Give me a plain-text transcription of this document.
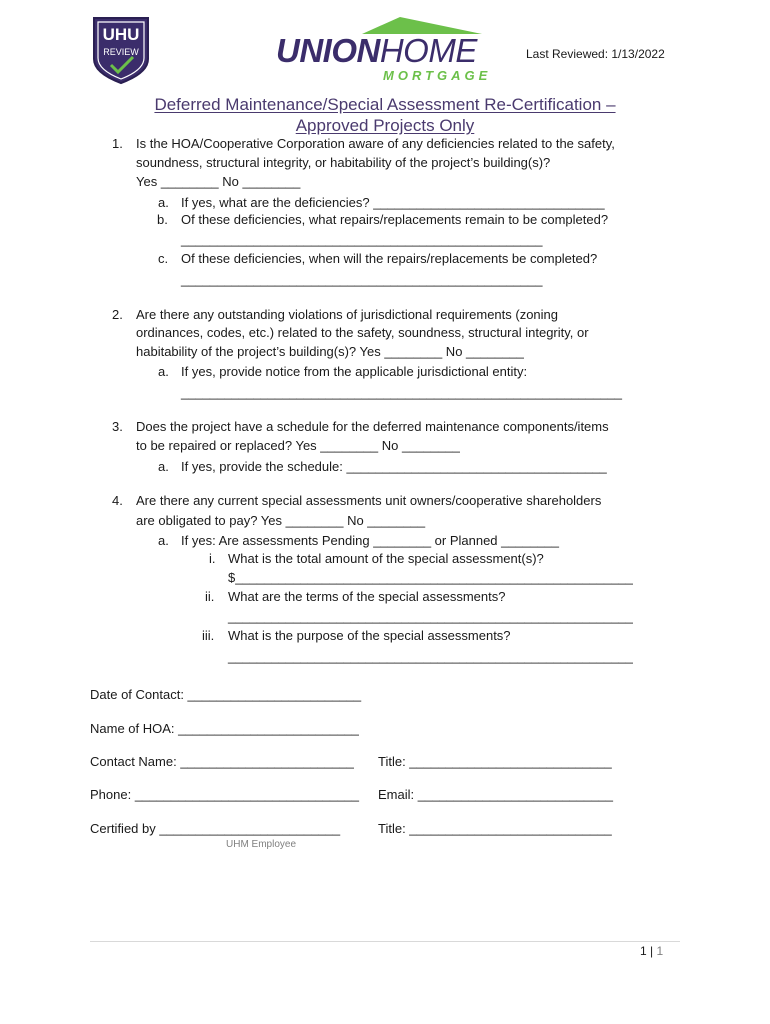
UHU
REVIEW	UNIONHOME
MORTGAGE
Last Reviewed: 1/13/2022
Deferred Maintenance/Special Assessment Re-Certification –
Approved Projects Only
1. Is the HOA/Cooperative Corporation aware of any deficiencies related to the safety,
soundness, structural integrity, or habitability of the project’s building(s)?
Yes ________ No ________
a. If yes, what are the deficiencies? ________________________________
b. Of these deficiencies, what repairs/replacements remain to be completed?
__________________________________________________
c. Of these deficiencies, when will the repairs/replacements be completed?
__________________________________________________
2. Are there any outstanding violations of jurisdictional requirements (zoning
ordinances, codes, etc.) related to the safety, soundness, structural integrity, or
habitability of the project’s building(s)? Yes ________ No ________
a. If yes, provide notice from the applicable jurisdictional entity:
_____________________________________________________________
3. Does the project have a schedule for the deferred maintenance components/items
to be repaired or replaced? Yes ________ No ________
a. If yes, provide the schedule: ____________________________________
4. Are there any current special assessments unit owners/cooperative shareholders
are obligated to pay? Yes ________ No ________
a. If yes: Are assessments Pending ________ or Planned ________
i. What is the total amount of the special assessment(s)?
$_______________________________________________________
ii. What are the terms of the special assessments?
________________________________________________________
iii. What is the purpose of the special assessments?
________________________________________________________
Date of Contact: ________________________
Name of HOA: _________________________
Contact Name: ________________________ Title: ____________________________
Phone: _______________________________ Email: ___________________________
Certified by _________________________	Title: ____________________________
UHM Employee
1 | 1
